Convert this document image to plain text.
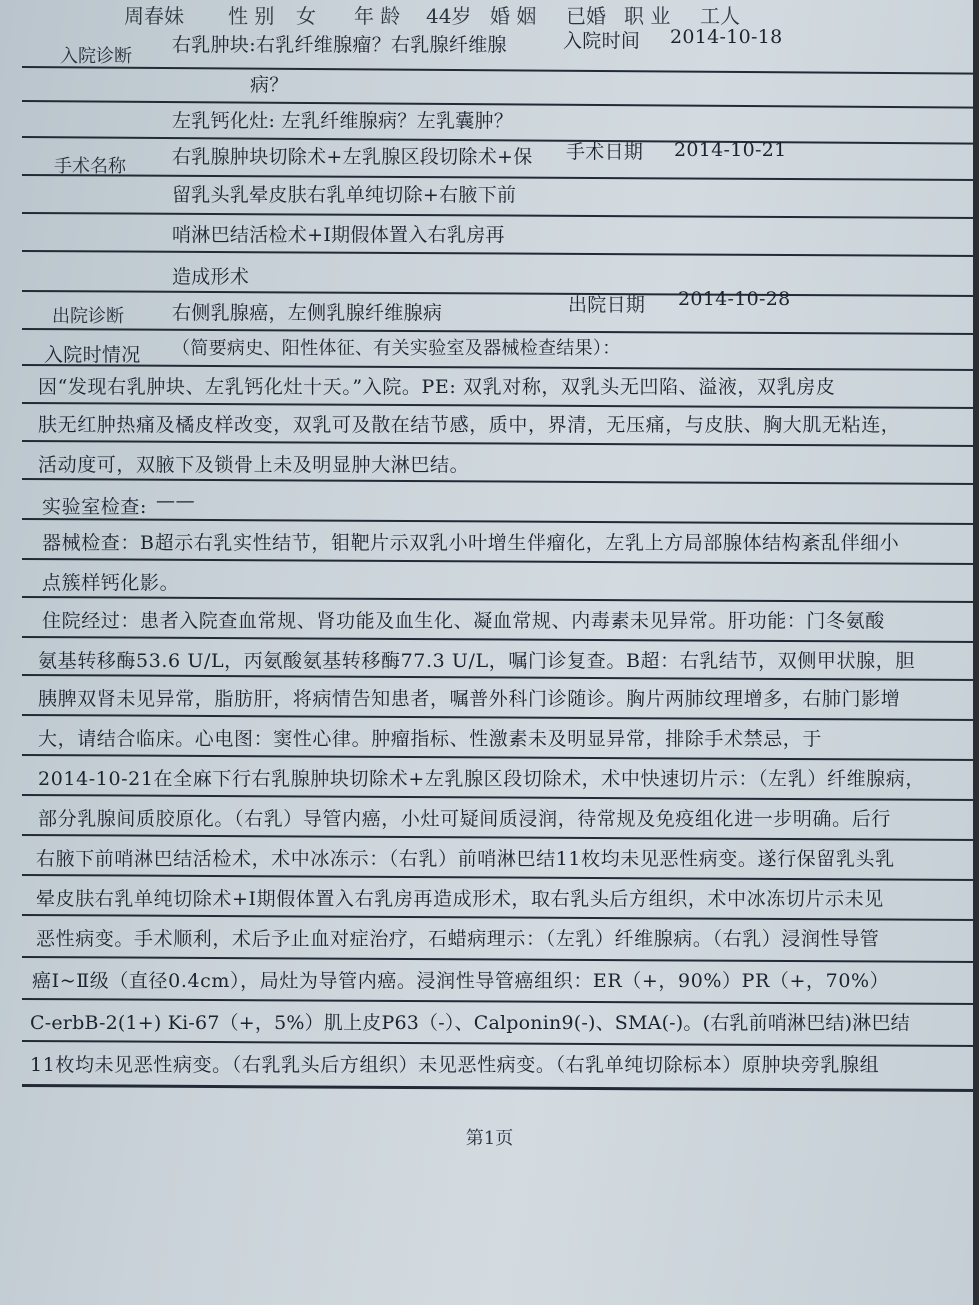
周春妹 性 别 女 年 龄 44岁 婚 姻 已婚 职 业 工人
入院诊断
右乳肿块:右乳纤维腺瘤？右乳腺纤维腺	入院时间 2014-10-18
病？
左乳钙化灶: 左乳纤维腺病？左乳囊肿？
手术名称 右乳腺肿块切除术+左乳腺区段切除术+保 手术日期 2014-10-21
留乳头乳晕皮肤右乳单纯切除+右腋下前
哨淋巴结活检术+Ⅰ期假体置入右乳房再
造成形术
出院诊断	右侧乳腺癌，左侧乳腺纤维腺病	出院日期 2014-10-28
入院时情况 （简要病史、阳性体征、有关实验室及器械检查结果）：
因“发现右乳肿块、左乳钙化灶十天。”入院。PE: 双乳对称，双乳头无凹陷、溢液，双乳房皮
肤无红肿热痛及橘皮样改变，双乳可及散在结节感，质中，界清，无压痛，与皮肤、胸大肌无粘连，
活动度可，双腋下及锁骨上未及明显肿大淋巴结。
实验室检查: ——
器械检查：B超示右乳实性结节，钼靶片示双乳小叶增生伴瘤化，左乳上方局部腺体结构紊乱伴细小
点簇样钙化影。
住院经过：患者入院查血常规、肾功能及血生化、凝血常规、内毒素未见异常。肝功能：门冬氨酸
氨基转移酶53.6 U/L，丙氨酸氨基转移酶77.3 U/L，嘱门诊复查。B超：右乳结节，双侧甲状腺，胆
胰脾双肾未见异常，脂肪肝，将病情告知患者，嘱普外科门诊随诊。胸片两肺纹理增多，右肺门影增
大，请结合临床。心电图：窦性心律。肿瘤指标、性激素未及明显异常，排除手术禁忌，于
2014-10-21在全麻下行右乳腺肿块切除术+左乳腺区段切除术，术中快速切片示：（左乳）纤维腺病，
部分乳腺间质胶原化。（右乳）导管内癌，小灶可疑间质浸润，待常规及免疫组化进一步明确。后行
右腋下前哨淋巴结活检术，术中冰冻示：（右乳）前哨淋巴结11枚均未见恶性病变。遂行保留乳头乳
晕皮肤右乳单纯切除术+Ⅰ期假体置入右乳房再造成形术，取右乳头后方组织，术中冰冻切片示未见
恶性病变。手术顺利，术后予止血对症治疗，石蜡病理示：（左乳）纤维腺病。（右乳）浸润性导管
癌Ⅰ~Ⅱ级（直径0.4cm），局灶为导管内癌。浸润性导管癌组织：ER（+，90%）PR（+，70%）
C-erbB-2(1+) Ki-67（+，5%）肌上皮P63（-）、Calponin9(-)、SMA(-)。(右乳前哨淋巴结)淋巴结
11枚均未见恶性病变。（右乳乳头后方组织）未见恶性病变。（右乳单纯切除标本）原肿块旁乳腺组
第1页
